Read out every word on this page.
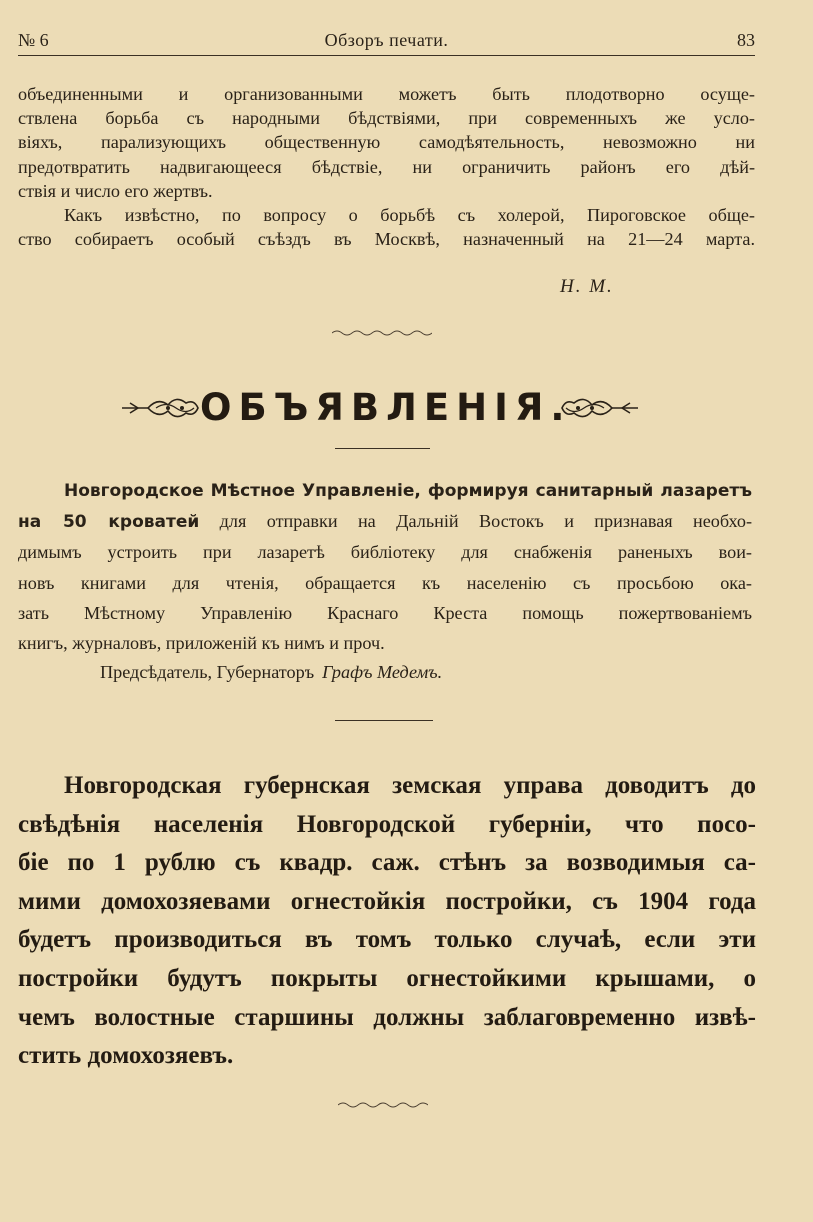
№ 6	Обзоръ печати.	83
объединенными и организованными можетъ быть плодотворно осуще-
ствлена борьба съ народными бѣдствіями, при современныхъ же усло-
віяхъ, парализующихъ общественную самодѣятельность, невозможно ни
предотвратить надвигающееся бѣдствіе, ни ограничить районъ его дѣй-
ствія и число его жертвъ.
Какъ извѣстно, по вопросу о борьбѣ съ холерой, Пироговское обще-
ство собираетъ особый съѣздъ въ Москвѣ, назначенный на 21—24 марта.
Н. М.
ОБЪЯВЛЕНІЯ.
Новгородское Мѣстное Управленіе, формируя санитарный лазаретъ
на 50 кроватей для отправки на Дальній Востокъ и признавая необхо-
димымъ устроить при лазаретѣ библіотеку для снабженія раненыхъ вои-
новъ книгами для чтенія, обращается къ населенію съ просьбою ока-
зать Мѣстному Управленію Краснаго Креста помощь пожертвованіемъ
книгъ, журналовъ, приложеній къ нимъ и проч.
Предсѣдатель, Губернаторъ Графъ Медемъ.
Новгородская губернская земская управа доводитъ до
свѣдѣнія населенія Новгородской губерніи, что посо-
біе по 1 рублю съ квадр. саж. стѣнъ за возводимыя са-
мими домохозяевами огнестойкія постройки, съ 1904 года
будетъ производиться въ томъ только случаѣ, если эти
постройки будутъ покрыты огнестойкими крышами, о
чемъ волостные старшины должны заблаговременно извѣ-
стить домохозяевъ.
